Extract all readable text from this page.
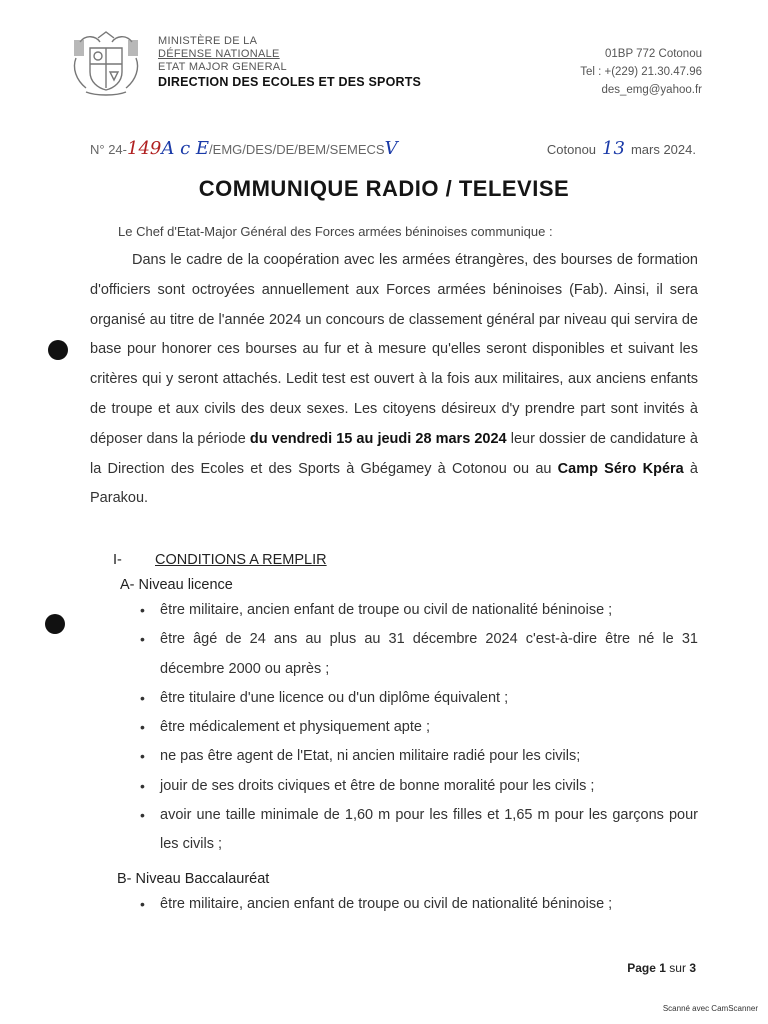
MINISTÈRE DE LA
DÉFENSE NATIONALE
ETAT MAJOR GENERAL
DIRECTION DES ECOLES ET DES SPORTS
01BP 772 Cotonou
Tel : +(229) 21.30.47.96
des_emg@yahoo.fr
N° 24-149A c E/EMG/DES/DE/BEM/SEMECSV	Cotonou 13 mars 2024.
COMMUNIQUE RADIO / TELEVISE
Le Chef d'Etat-Major Général des Forces armées béninoises communique :

Dans le cadre de la coopération avec les armées étrangères, des bourses de formation d'officiers sont octroyées annuellement aux Forces armées béninoises (Fab). Ainsi, il sera organisé au titre de l'année 2024 un concours de classement général par niveau qui servira de base pour honorer ces bourses au fur et à mesure qu'elles seront disponibles et suivant les critères qui y seront attachés. Ledit test est ouvert à la fois aux militaires, aux anciens enfants de troupe et aux civils des deux sexes. Les citoyens désireux d'y prendre part sont invités à déposer dans la période du vendredi 15 au jeudi 28 mars 2024 leur dossier de candidature à la Direction des Ecoles et des Sports à Gbégamey à Cotonou ou au Camp Séro Kpéra à Parakou.

I- CONDITIONS A REMPLIR
A- Niveau licence
• être militaire, ancien enfant de troupe ou civil de nationalité béninoise ;
• être âgé de 24 ans au plus au 31 décembre 2024 c'est-à-dire être né le 31 décembre 2000 ou après ;
• être titulaire d'une licence ou d'un diplôme équivalent ;
• être médicalement et physiquement apte ;
• ne pas être agent de l'Etat, ni ancien militaire radié pour les civils;
• jouir de ses droits civiques et être de bonne moralité pour les civils ;
• avoir une taille minimale de 1,60 m pour les filles et 1,65 m pour les garçons pour les civils ;
B- Niveau Baccalauréat
• être militaire, ancien enfant de troupe ou civil de nationalité béninoise ;
Page 1 sur 3
Scanné avec CamScanner
